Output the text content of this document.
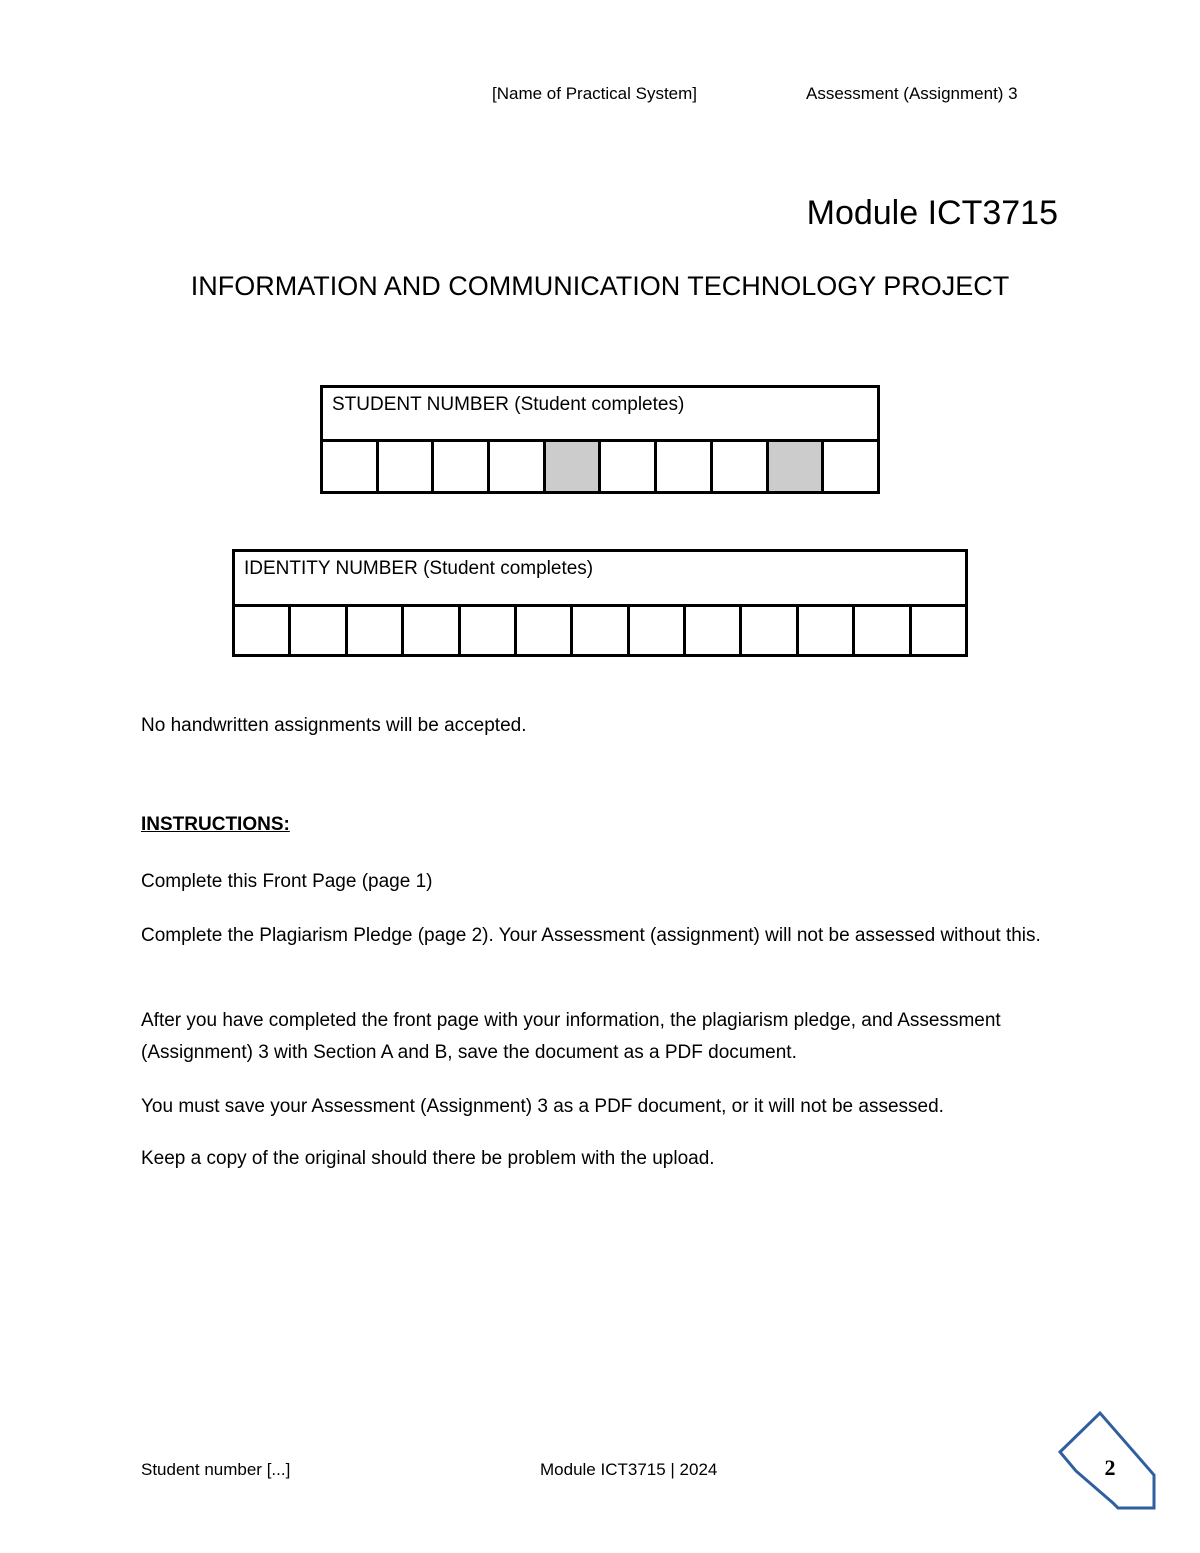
[Name of Practical System]	Assessment (Assignment) 3
Module ICT3715
INFORMATION AND COMMUNICATION TECHNOLOGY PROJECT
STUDENT NUMBER (Student completes)

IDENTITY NUMBER (Student completes)

No handwritten assignments will be accepted.
INSTRUCTIONS:
Complete this Front Page (page 1)
Complete the Plagiarism Pledge (page 2). Your Assessment (assignment) will not be assessed without this.
After you have completed the front page with your information, the plagiarism pledge, and Assessment (Assignment) 3 with Section A and B, save the document as a PDF document.
You must save your Assessment (Assignment) 3 as a PDF document, or it will not be assessed.
Keep a copy of the original should there be problem with the upload.
Student number [...]	Module ICT3715 | 2024	2
